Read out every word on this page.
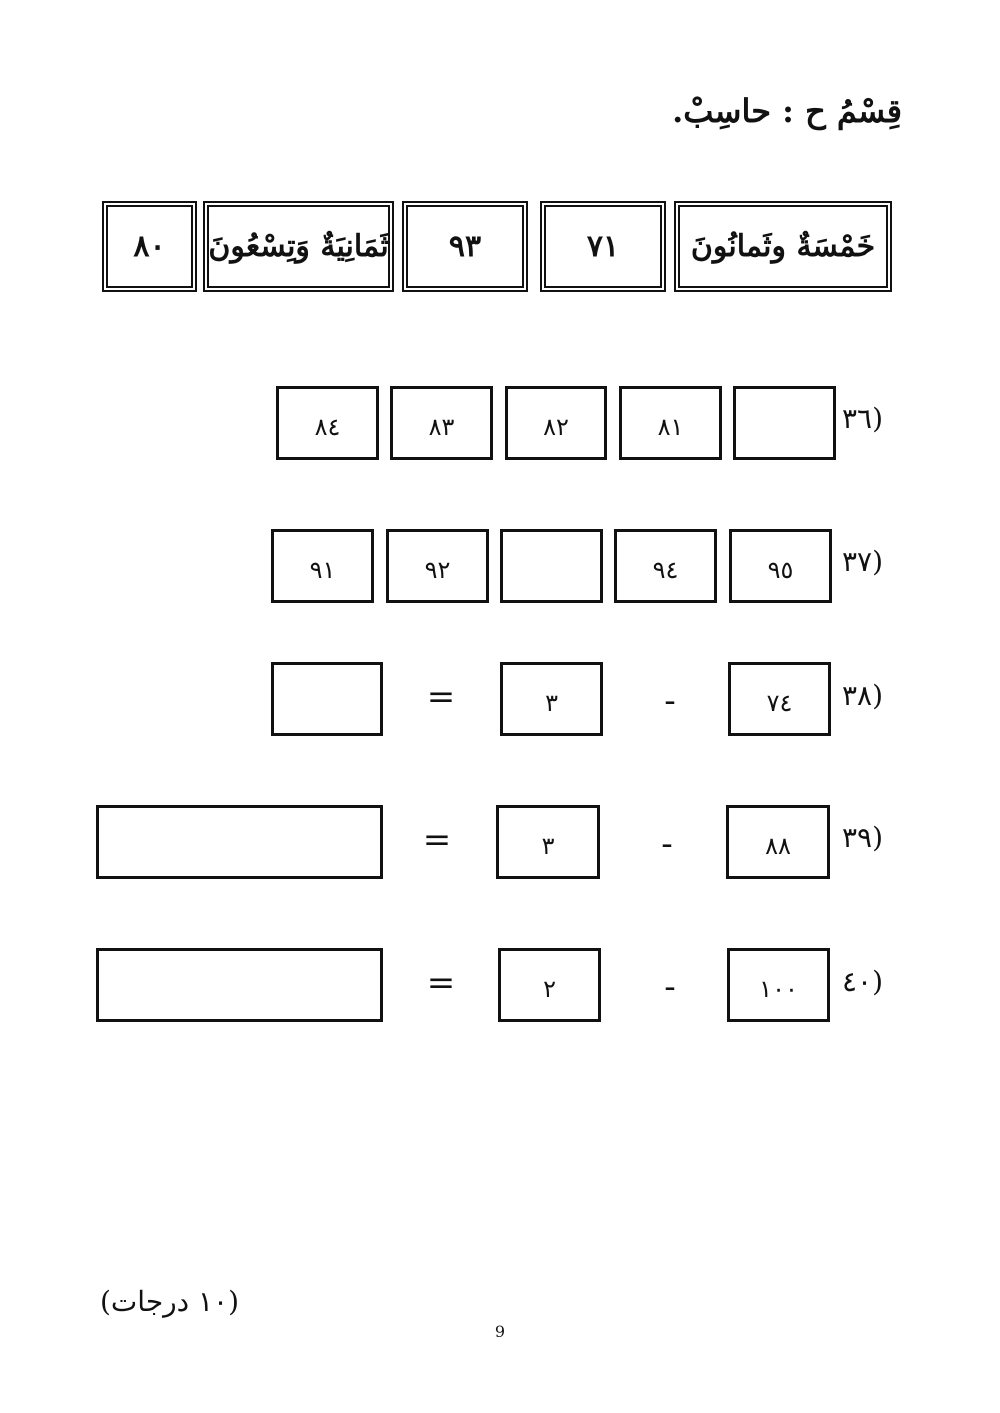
قِسْمُ ح : حاسِبْ.
خَمْسَةٌ وثَمانُونَ
٧١
٩٣
ثَمَانِيَةٌ وَتِسْعُونَ
٨٠
(٣٦
٨١
٨٢
٨٣
٨٤
(٣٧
٩٥
٩٤
٩٢
٩١
(٣٨
٧٤
-
٣
=
(٣٩
٨٨
-
٣
=
(٤٠
١٠٠
-
٢
=
(١٠ درجات)
9
